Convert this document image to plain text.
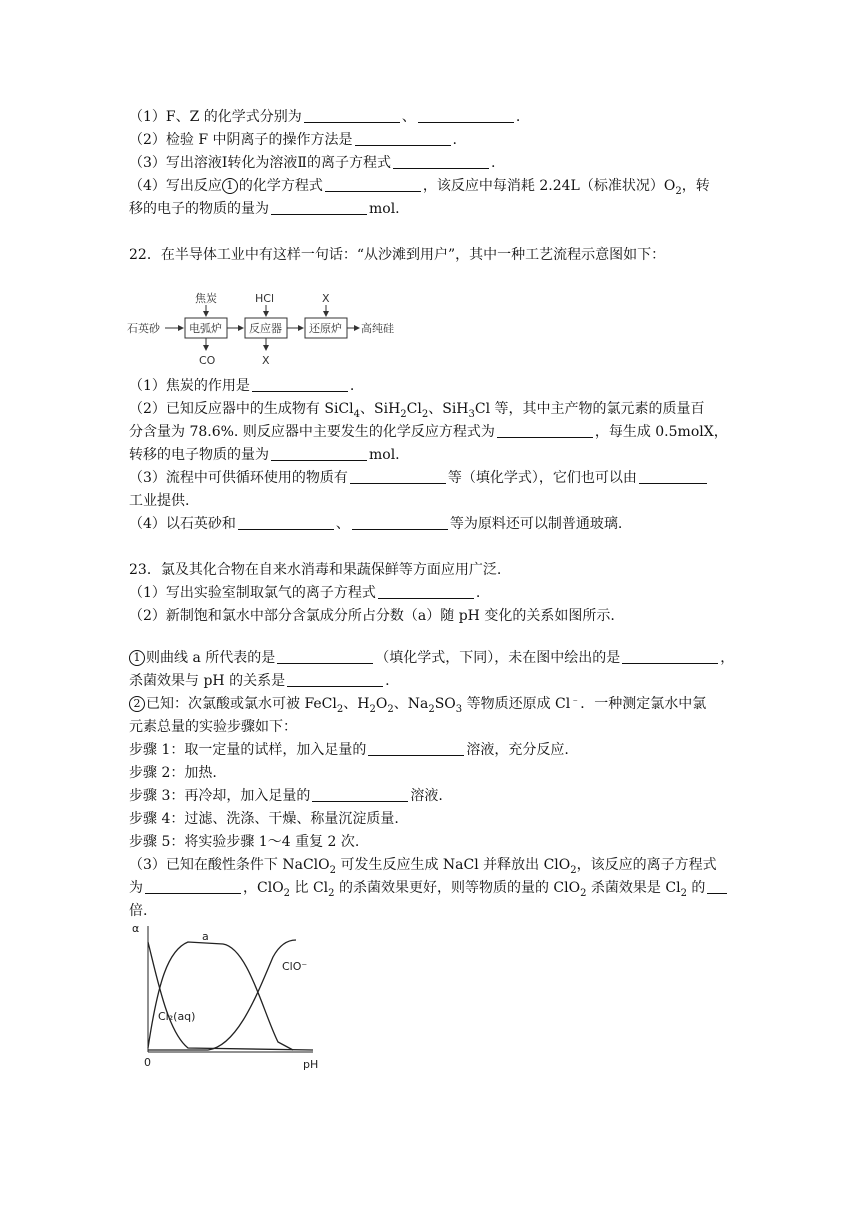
（1）F、Z 的化学式分别为	、	.
（2）检验 F 中阴离子的操作方法是	.
（3）写出溶液Ⅰ转化为溶液Ⅱ的离子方程式	.
（4）写出反应 1 的化学方程式	，该反应中每消耗 2.24L（标准状况）$O_2$，转
移的电子的物质的量为	mol.
22．在半导体工业中有这样一句话：“从沙滩到用户”，其中一种工艺流程示意图如下：
石英砂	电弧炉 反应器 还原炉 高纯硅
焦炭	HCl	X
CO	X
（1）焦炭的作用是	.
（2）已知反应器中的生成物有 SiCl$_4$、$SiH_2Cl_2$、SiH$_3$Cl 等，其中主产物的氯元素的质量百
分含量为 78.6%. 则反应器中主要发生的化学反应方程式为	，每生成 0.5molX，
转移的电子物质的量为	mol.
（3）流程中可供循环使用的物质有	等（填化学式），它们也可以由
工业提供.
（4）以石英砂和	、	等为原料还可以制普通玻璃.
23．氯及其化合物在自来水消毒和果蔬保鲜等方面应用广泛.
（1）写出实验室制取氯气的离子方程式	.
（2）新制饱和氯水中部分含氯成分所占分数（a）随 pH 变化的关系如图所示.
1 则曲线 a 所代表的是	（填化学式，下同），未在图中绘出的是	，
杀菌效果与 pH 的关系是	.
2 已知：次氯酸或氯水可被 FeCl$_2$、$H_2O_2$、$Na_2SO_3$ 等物质还原成 Cl﹣．一种测定氯水中氯
元素总量的实验步骤如下：
步骤 1：取一定量的试样，加入足量的	溶液，充分反应.
步骤 2：加热.
步骤 3：再冷却，加入足量的	溶液.
步骤 4：过滤、洗涤、干燥、称量沉淀质量.
步骤 5：将实验步骤 1～4 重复 2 次.
（3）已知在酸性条件下 NaClO$_2$ 可发生反应生成 NaCl 并释放出 ClO$_2$，该反应的离子方程式
为	，ClO$_2$ 比 $Cl_2$ 的杀菌效果更好，则等物质的量的 ClO$_2$ 杀菌效果是 $Cl_2$ 的
倍.
α
pH
0
a
ClO⁻
Cl₂(aq)
